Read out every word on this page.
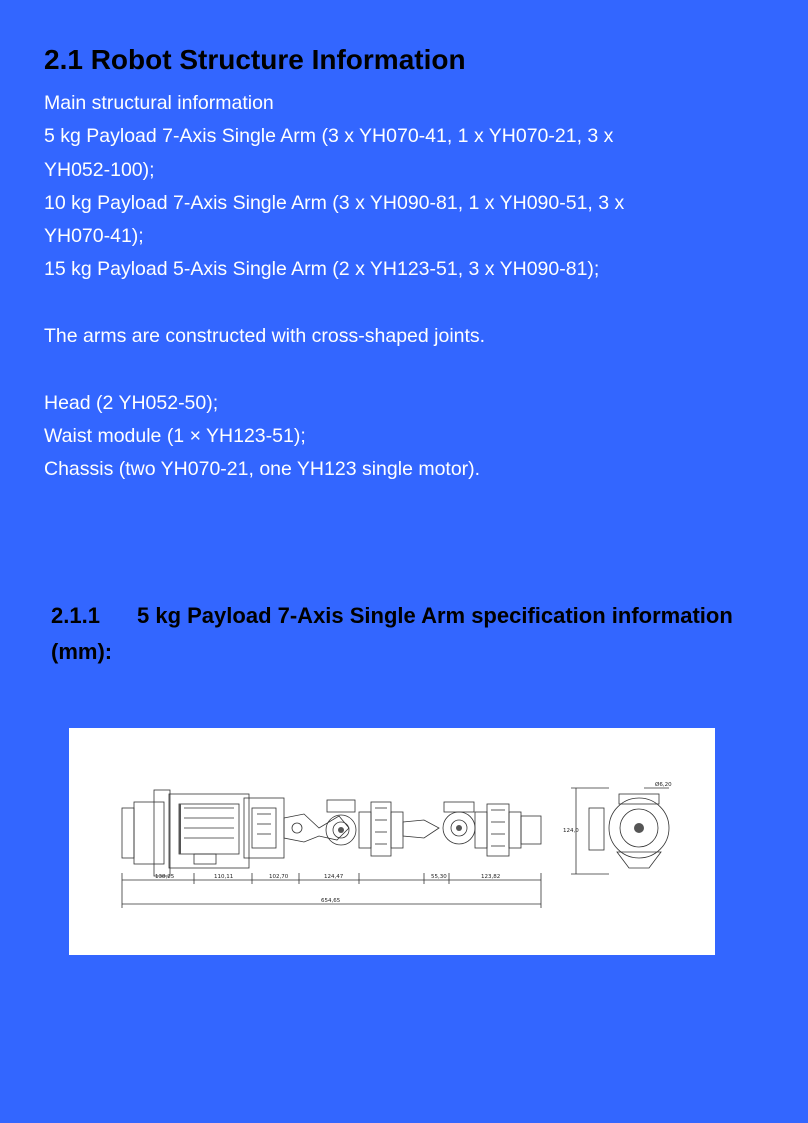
2.1 Robot Structure Information
Main structural information
5 kg Payload 7-Axis Single Arm (3 x YH070-41, 1 x YH070-21, 3 x
YH052-100);
10 kg Payload 7-Axis Single Arm (3 x YH090-81, 1 x YH090-51, 3 x
YH070-41);
15 kg Payload 5-Axis Single Arm (2 x YH123-51, 3 x YH090-81);
The arms are constructed with cross-shaped joints.
Head (2 YH052-50);
Waist module (1 × YH123-51);
Chassis (two YH070-21, one YH123 single motor).
2.1.1 5 kg Payload 7-Axis Single Arm specification information (mm):
138,25	110,11	102,70	124,47	55,30	123,82
654,65
Ø6,20
124,0
